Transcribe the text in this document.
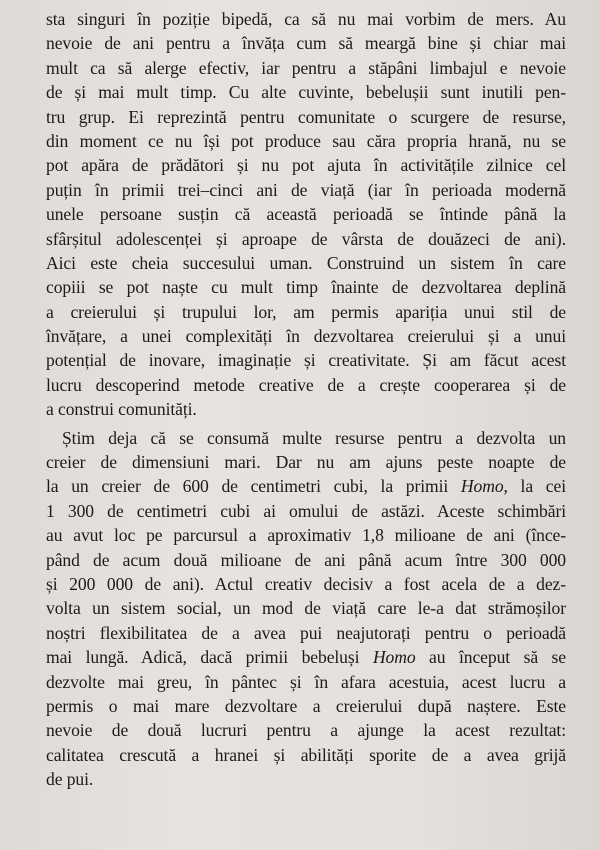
sta singuri în poziție bipedă, ca să nu mai vorbim de mers. Au
nevoie de ani pentru a învăța cum să meargă bine și chiar mai
mult ca să alerge efectiv, iar pentru a stăpâni limbajul e nevoie
de și mai mult timp. Cu alte cuvinte, bebelușii sunt inutili pen-
tru grup. Ei reprezintă pentru comunitate o scurgere de resurse,
din moment ce nu își pot produce sau căra propria hrană, nu se
pot apăra de prădători și nu pot ajuta în activitățile zilnice cel
puțin în primii trei–cinci ani de viață (iar în perioada modernă
unele persoane susțin că această perioadă se întinde până la
sfârșitul adolescenței și aproape de vârsta de douăzeci de ani).
Aici este cheia succesului uman. Construind un sistem în care
copiii se pot naște cu mult timp înainte de dezvoltarea deplină
a creierului și trupului lor, am permis apariția unui stil de
învățare, a unei complexități în dezvoltarea creierului și a unui
potențial de inovare, imaginație și creativitate. Și am făcut acest
lucru descoperind metode creative de a crește cooperarea și de
a construi comunități.
Știm deja că se consumă multe resurse pentru a dezvolta un
creier de dimensiuni mari. Dar nu am ajuns peste noapte de
la un creier de 600 de centimetri cubi, la primii Homo, la cei
1 300 de centimetri cubi ai omului de astăzi. Aceste schimbări
au avut loc pe parcursul a aproximativ 1,8 milioane de ani (înce-
pând de acum două milioane de ani până acum între 300 000
și 200 000 de ani). Actul creativ decisiv a fost acela de a dez-
volta un sistem social, un mod de viață care le-a dat strămoșilor
noștri flexibilitatea de a avea pui neajutorați pentru o perioadă
mai lungă. Adică, dacă primii bebeluși Homo au început să se
dezvolte mai greu, în pântec și în afara acestuia, acest lucru a
permis o mai mare dezvoltare a creierului după naștere. Este
nevoie de două lucruri pentru a ajunge la acest rezultat:
calitatea crescută a hranei și abilități sporite de a avea grijă
de pui.
